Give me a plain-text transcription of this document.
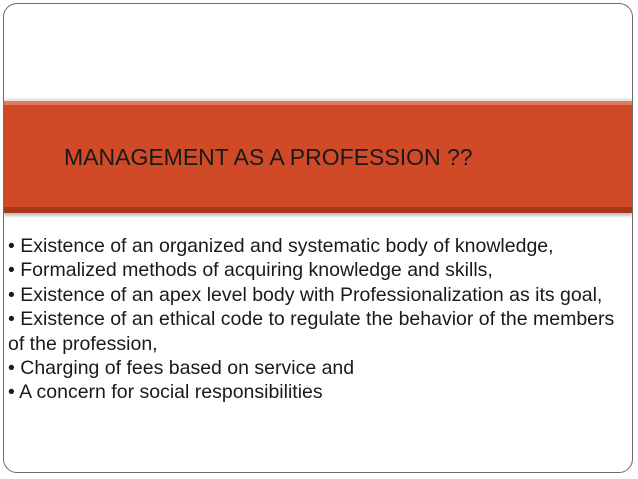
MANAGEMENT AS A PROFESSION ??
• Existence of an organized and systematic body of knowledge,
• Formalized methods of acquiring knowledge and skills,
• Existence of an apex level body with Professionalization as its goal,
• Existence of an ethical code to regulate the behavior of the members of the profession,
• Charging of fees based on service and
• A concern for social responsibilities
